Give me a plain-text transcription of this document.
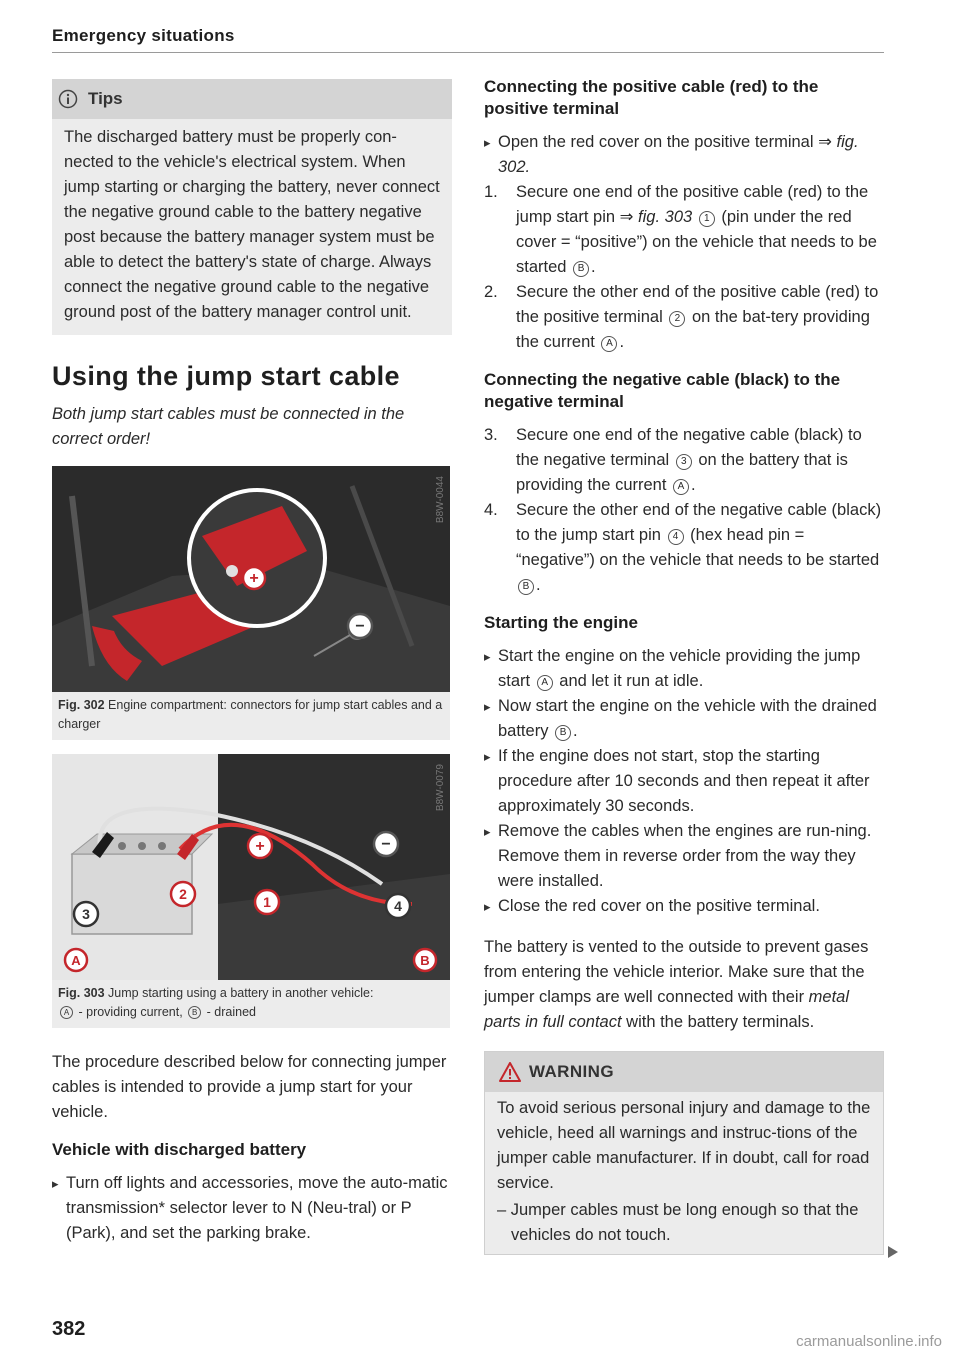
Emergency situations
Tips
The discharged battery must be properly con-nected to the vehicle's electrical system. When jump starting or charging the battery, never connect the negative ground cable to the battery negative post because the battery manager system must be able to detect the battery's state of charge. Always connect the negative ground cable to the negative ground post of the battery manager control unit.
Using the jump start cable

Both jump start cables must be connected in the correct order!

+
−
B8W-0044
Fig. 302 Engine compartment: connectors for jump start cables and a charger
+	−
2
3
1	4
A	B
B8W-0079
Fig. 303 Jump starting using a battery in another vehicle:
A - providing current, B - drained

The procedure described below for connecting jumper cables is intended to provide a jump start for your vehicle.

Vehicle with discharged battery

▸ Turn off lights and accessories, move the auto-matic transmission* selector lever to N (Neu-tral) or P (Park), and set the parking brake.

Connecting the positive cable (red) to the positive terminal

▸ Open the red cover on the positive terminal ⇒ fig. 302.

1. Secure one end of the positive cable (red) to the jump start pin ⇒ fig. 303 1 (pin under the red cover = “positive”) on the vehicle that needs to be started B .

2. Secure the other end of the positive cable (red) to the positive terminal 2 on the bat-tery providing the current A .

Connecting the negative cable (black) to the negative terminal

3. Secure one end of the negative cable (black) to the negative terminal 3 on the battery that is providing the current A .

4. Secure the other end of the negative cable (black) to the jump start pin 4 (hex head pin = “negative”) on the vehicle that needs to be started B .

Starting the engine

▸ Start the engine on the vehicle providing the jump start A and let it run at idle.

▸ Now start the engine on the vehicle with the drained battery B .

▸ If the engine does not start, stop the starting procedure after 10 seconds and then repeat it after approximately 30 seconds.

▸ Remove the cables when the engines are run-ning. Remove them in reverse order from the way they were installed.

▸ Close the red cover on the positive terminal.

The battery is vented to the outside to prevent gases from entering the vehicle interior. Make sure that the jumper clamps are well connected with their metal parts in full contact with the battery terminals.

WARNING
To avoid serious personal injury and damage to the vehicle, heed all warnings and instruc-tions of the jumper cable manufacturer. If in doubt, call for road service.
– Jumper cables must be long enough so that the vehicles do not touch.
382
carmanualsonline.info
